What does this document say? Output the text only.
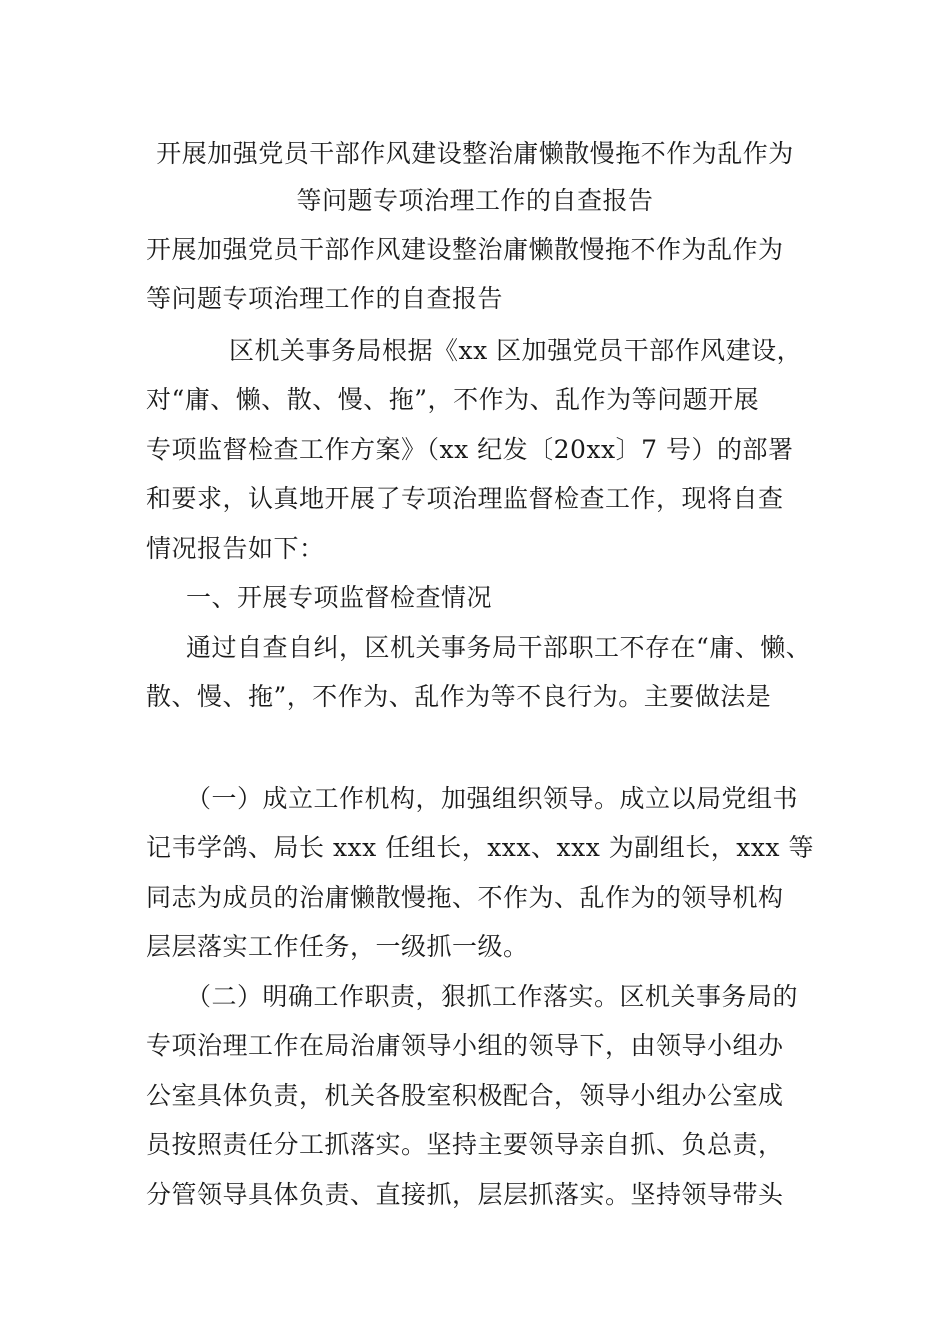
开展加强党员干部作风建设整治庸懒散慢拖不作为乱作为
等问题专项治理工作的自查报告
开展加强党员干部作风建设整治庸懒散慢拖不作为乱作为
等问题专项治理工作的自查报告
区机关事务局根据《xx 区加强党员干部作风建设，
对“庸、懒、散、慢、拖”，不作为、乱作为等问题开展
专项监督检查工作方案》（xx 纪发〔20xx〕7 号）的部署
和要求，认真地开展了专项治理监督检查工作，现将自查
情况报告如下：
一、开展专项监督检查情况
通过自查自纠，区机关事务局干部职工不存在“庸、懒、
散、慢、拖”，不作为、乱作为等不良行为。主要做法是
（一）成立工作机构，加强组织领导。成立以局党组书
记韦学鸽、局长 xxx 任组长，xxx、xxx 为副组长，xxx 等
同志为成员的治庸懒散慢拖、不作为、乱作为的领导机构
层层落实工作任务，一级抓一级。
（二）明确工作职责，狠抓工作落实。区机关事务局的
专项治理工作在局治庸领导小组的领导下，由领导小组办
公室具体负责，机关各股室积极配合，领导小组办公室成
员按照责任分工抓落实。坚持主要领导亲自抓、负总责，
分管领导具体负责、直接抓，层层抓落实。坚持领导带头
